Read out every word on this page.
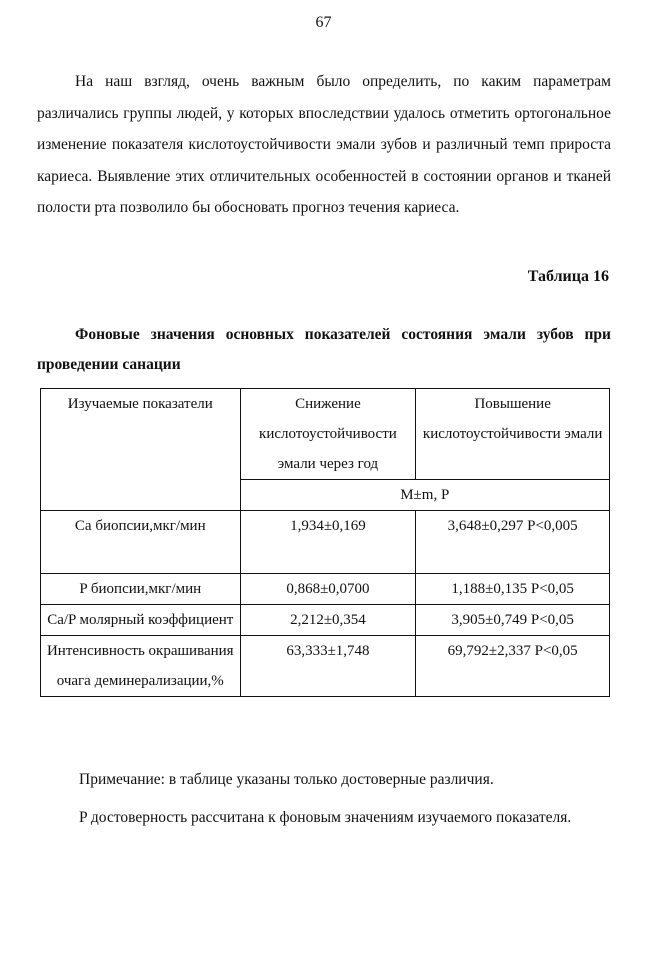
67

На наш взгляд, очень важным было определить, по каким параметрам различались группы людей, у которых впоследствии удалось отметить ортогональное изменение показателя кислотоустойчивости эмали зубов и различный темп прироста кариеса. Выявление этих отличительных особенностей в состоянии органов и тканей полости рта позволило бы обосновать прогноз течения кариеса.

Таблица 16

Фоновые значения основных показателей состояния эмали зубов при проведении санации

Изучаемые показатели	Снижение кислотоустойчивости эмали через год	Повышение кислотоустойчивости эмали
	M±m, P	
Ca биопсии,мкг/мин	1,934±0,169	3,648±0,297 P<0,005
P биопсии,мкг/мин	0,868±0,0700	1,188±0,135 P<0,05
Ca/P молярный коэффициент	2,212±0,354	3,905±0,749 P<0,05
Интенсивность окрашивания очага деминерализации,%	63,333±1,748	69,792±2,337 P<0,05

Примечание: в таблице указаны только достоверные различия.

P достоверность рассчитана к фоновым значениям изучаемого показателя.
